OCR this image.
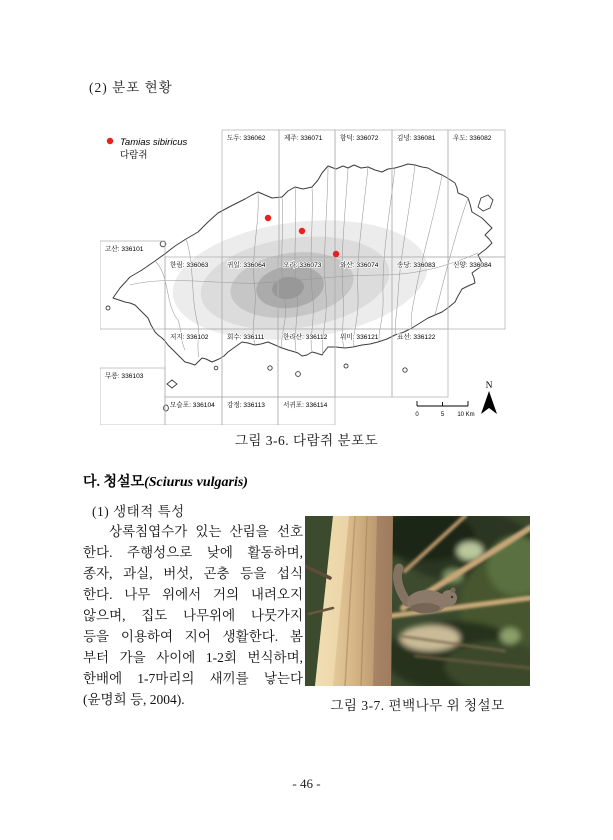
(2) 분포 현황
도두: 336062	제주: 336071	함덕: 336072	김녕: 336081	우도: 336082
고산: 336101
한림: 336063	귀일: 336064	오라: 336073	와산: 336074	송당: 336083	신양: 336084
저지: 336102	회수: 336111	한라산: 336112 위미: 336121	표선: 336122
무릉: 336103
모슬포: 336104 강정: 336113	서귀포: 336114
Tamias sibiricus
다람쥐
0	5 10 Km
N
그림 3-6. 다람쥐 분포도
다. 청설모(Sciurus vulgaris)
(1) 생태적 특성
상록침엽수가 있는 산림을 선호
한다. 주행성으로 낮에 활동하며,
종자, 과실, 버섯, 곤충 등을 섭식
한다. 나무 위에서 거의 내려오지
않으며, 집도 나무위에 나뭇가지
등을 이용하여 지어 생활한다. 봄
부터 가을 사이에 1-2회 번식하며,
한배에 1-7마리의 새끼를 낳는다
(윤명희 등, 2004).	그림 3-7. 편백나무 위 청설모
- 46 -
